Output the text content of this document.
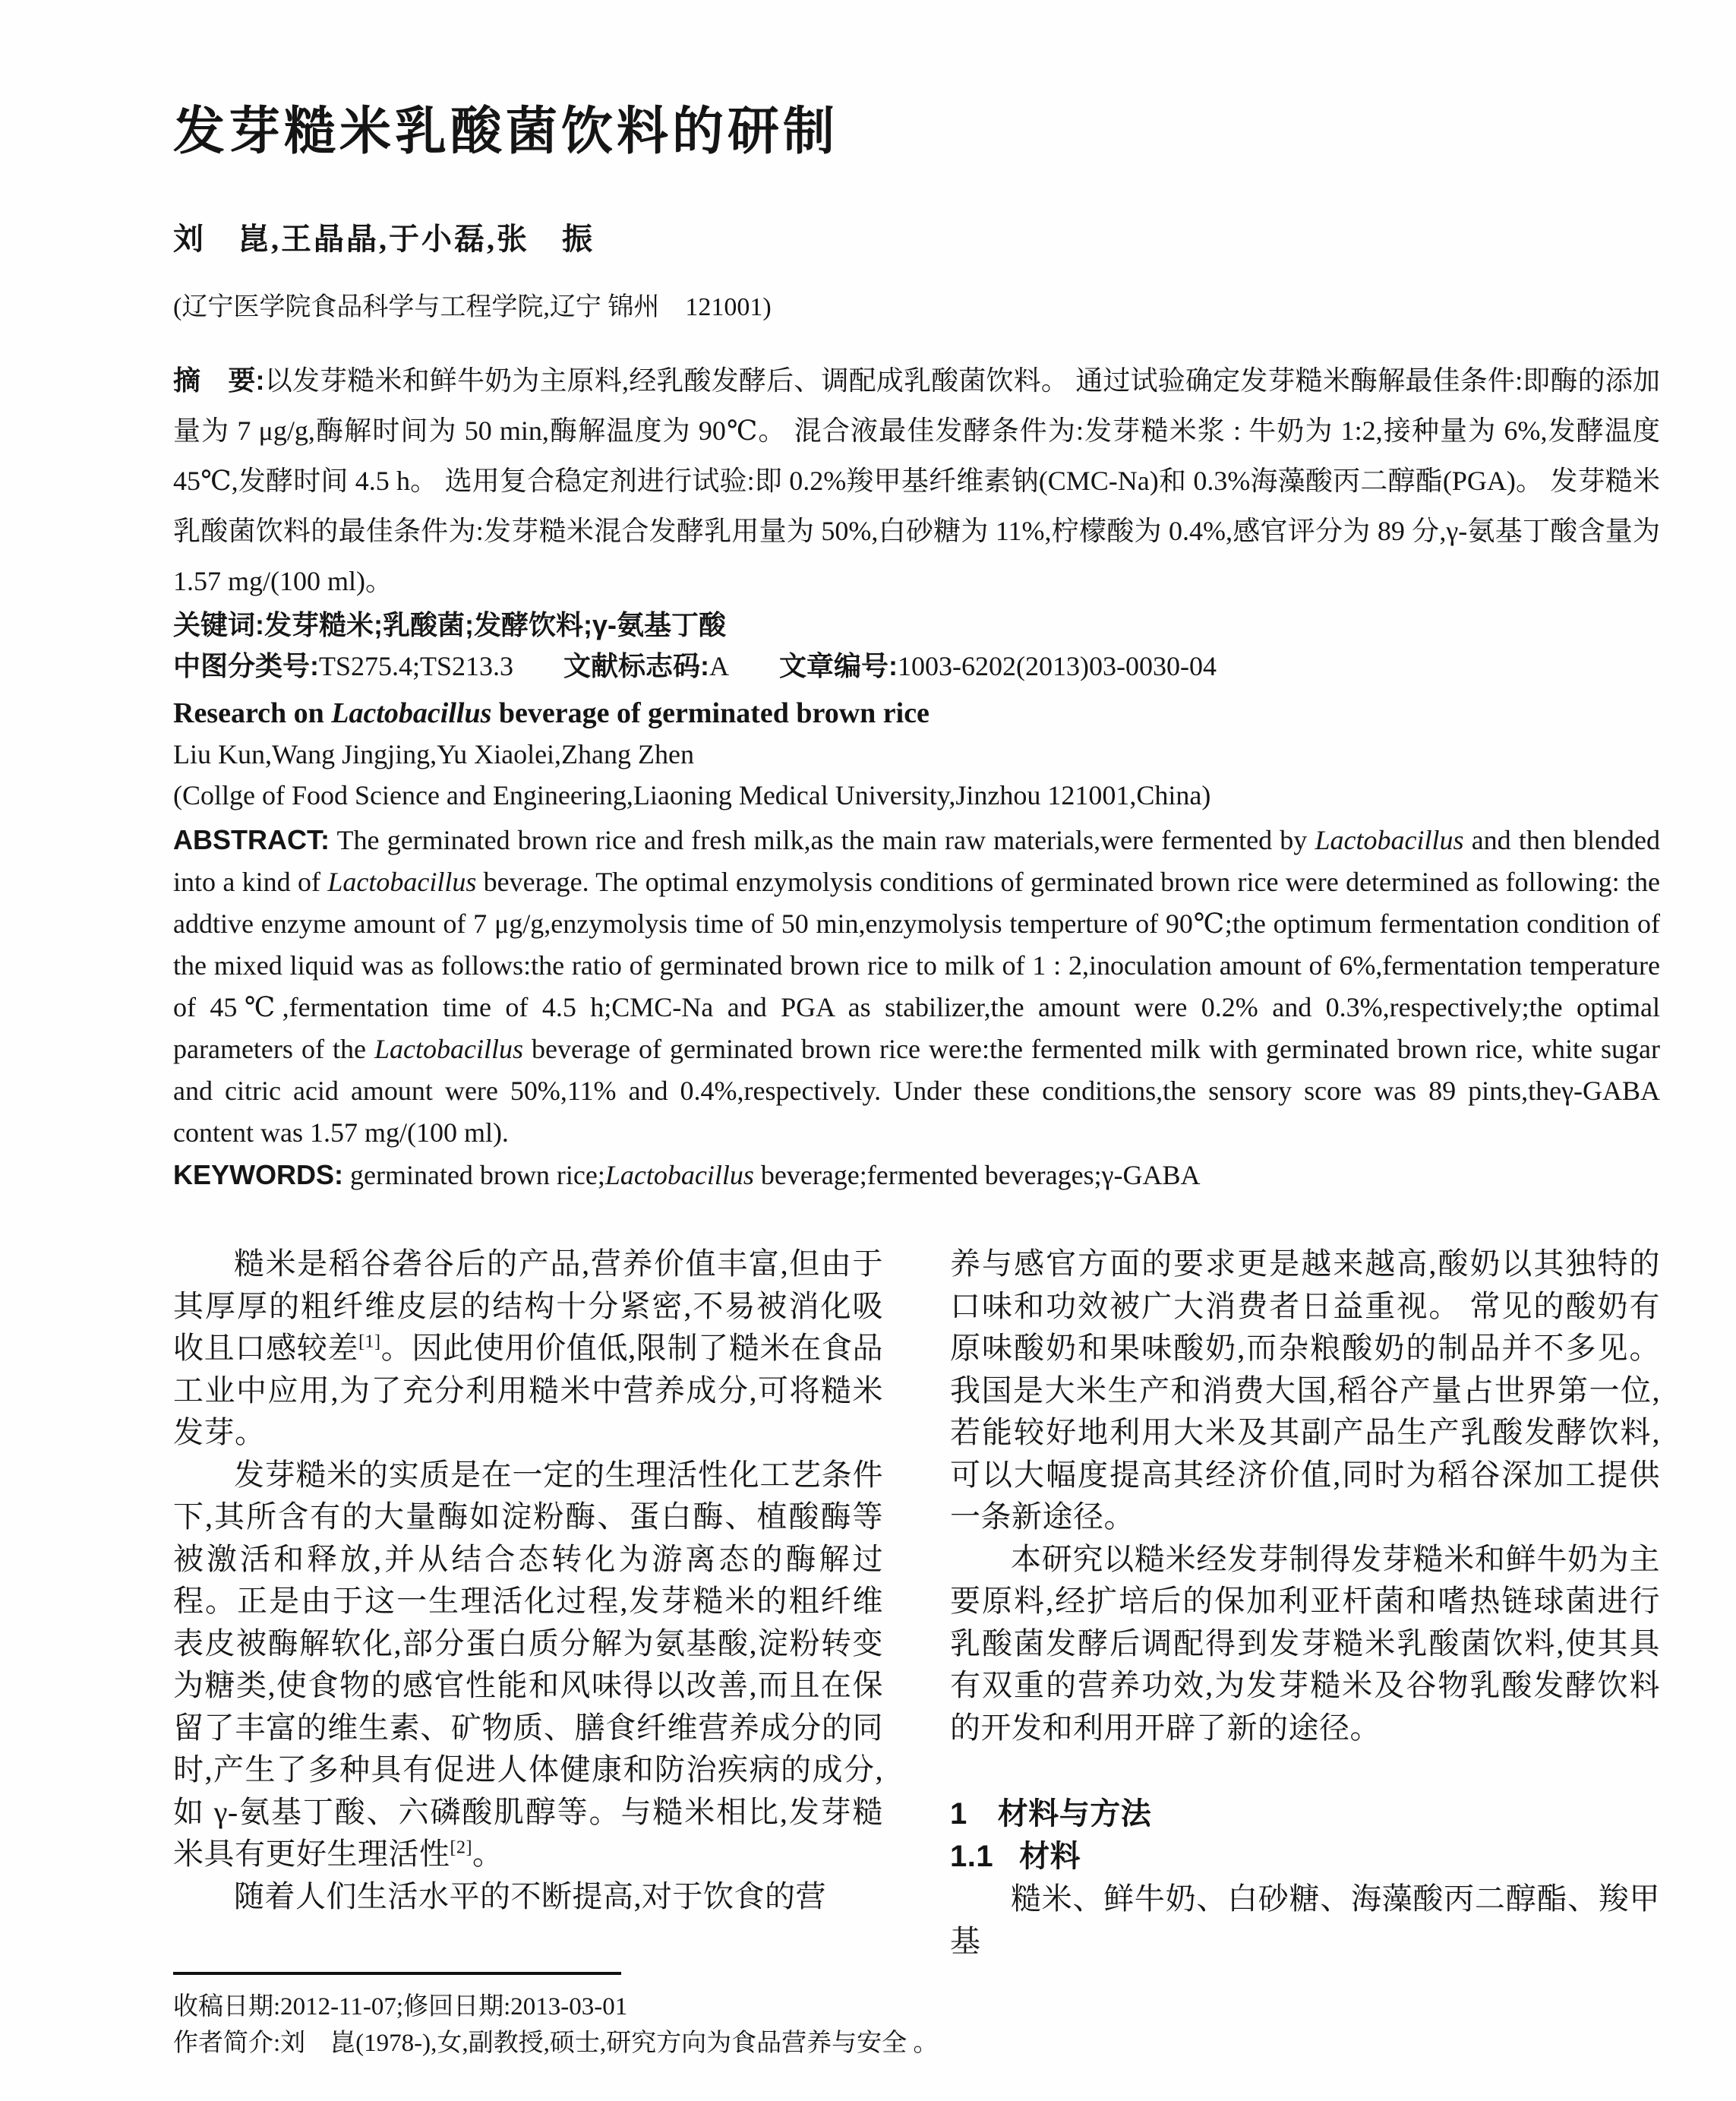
发芽糙米乳酸菌饮料的研制
刘　崑,王晶晶,于小磊,张　振
(辽宁医学院食品科学与工程学院,辽宁 锦州　121001)

摘　要:以发芽糙米和鲜牛奶为主原料,经乳酸发酵后、调配成乳酸菌饮料。 通过试验确定发芽糙米酶解最佳条件:即酶的添加量为 7 μg/g,酶解时间为 50 min,酶解温度为 90℃。 混合液最佳发酵条件为:发芽糙米浆 : 牛奶为 1:2,接种量为 6%,发酵温度 45℃,发酵时间 4.5 h。 选用复合稳定剂进行试验:即 0.2%羧甲基纤维素钠(CMC-Na)和 0.3%海藻酸丙二醇酯(PGA)。 发芽糙米乳酸菌饮料的最佳条件为:发芽糙米混合发酵乳用量为 50%,白砂糖为 11%,柠檬酸为 0.4%,感官评分为 89 分,γ-氨基丁酸含量为 1.57 mg/(100 ml)。

关键词:发芽糙米;乳酸菌;发酵饮料;γ-氨基丁酸

中图分类号:TS275.4;TS213.3 文献标志码:A 文章编号:1003-6202(2013)03-0030-04

Research on Lactobacillus beverage of germinated brown rice
Liu Kun,Wang Jingjing,Yu Xiaolei,Zhang Zhen
(Collge of Food Science and Engineering,Liaoning Medical University,Jinzhou 121001,China)

ABSTRACT: The germinated brown rice and fresh milk,as the main raw materials,were fermented by Lactobacillus and then blended into a kind of Lactobacillus beverage. The optimal enzymolysis conditions of germinated brown rice were determined as following: the addtive enzyme amount of 7 μg/g,enzymolysis time of 50 min,enzymolysis temperture of 90℃;the optimum fermentation condition of the mixed liquid was as follows:the ratio of germinated brown rice to milk of 1 : 2,inoculation amount of 6%,fermentation temperature of 45℃,fermentation time of 4.5 h;CMC-Na and PGA as stabilizer,the amount were 0.2% and 0.3%,respectively;the optimal parameters of the Lactobacillus beverage of germinated brown rice were:the fermented milk with germinated brown rice, white sugar and citric acid amount were 50%,11% and 0.4%,respectively. Under these conditions,the sensory score was 89 pints,theγ-GABA content was 1.57 mg/(100 ml).

KEYWORDS: germinated brown rice;Lactobacillus beverage;fermented beverages;γ-GABA

糙米是稻谷砻谷后的产品,营养价值丰富,但由于其厚厚的粗纤维皮层的结构十分紧密,不易被消化吸收且口感较差[1]。因此使用价值低,限制了糙米在食品工业中应用,为了充分利用糙米中营养成分,可将糙米发芽。

发芽糙米的实质是在一定的生理活性化工艺条件下,其所含有的大量酶如淀粉酶、蛋白酶、植酸酶等被激活和释放,并从结合态转化为游离态的酶解过程。正是由于这一生理活化过程,发芽糙米的粗纤维表皮被酶解软化,部分蛋白质分解为氨基酸,淀粉转变为糖类,使食物的感官性能和风味得以改善,而且在保留了丰富的维生素、矿物质、膳食纤维营养成分的同时,产生了多种具有促进人体健康和防治疾病的成分,如 γ-氨基丁酸、六磷酸肌醇等。与糙米相比,发芽糙米具有更好生理活性[2]。

随着人们生活水平的不断提高,对于饮食的营

养与感官方面的要求更是越来越高,酸奶以其独特的口味和功效被广大消费者日益重视。 常见的酸奶有原味酸奶和果味酸奶,而杂粮酸奶的制品并不多见。 我国是大米生产和消费大国,稻谷产量占世界第一位,若能较好地利用大米及其副产品生产乳酸发酵饮料,可以大幅度提高其经济价值,同时为稻谷深加工提供一条新途径。

本研究以糙米经发芽制得发芽糙米和鲜牛奶为主要原料,经扩培后的保加利亚杆菌和嗜热链球菌进行乳酸菌发酵后调配得到发芽糙米乳酸菌饮料,使其具有双重的营养功效,为发芽糙米及谷物乳酸发酵饮料的开发和利用开辟了新的途径。

1 材料与方法
1.1 材料

糙米、鲜牛奶、白砂糖、海藻酸丙二醇酯、羧甲基

收稿日期:2012-11-07;修回日期:2013-03-01
作者简介:刘　崑(1978-),女,副教授,硕士,研究方向为食品营养与安全 。
